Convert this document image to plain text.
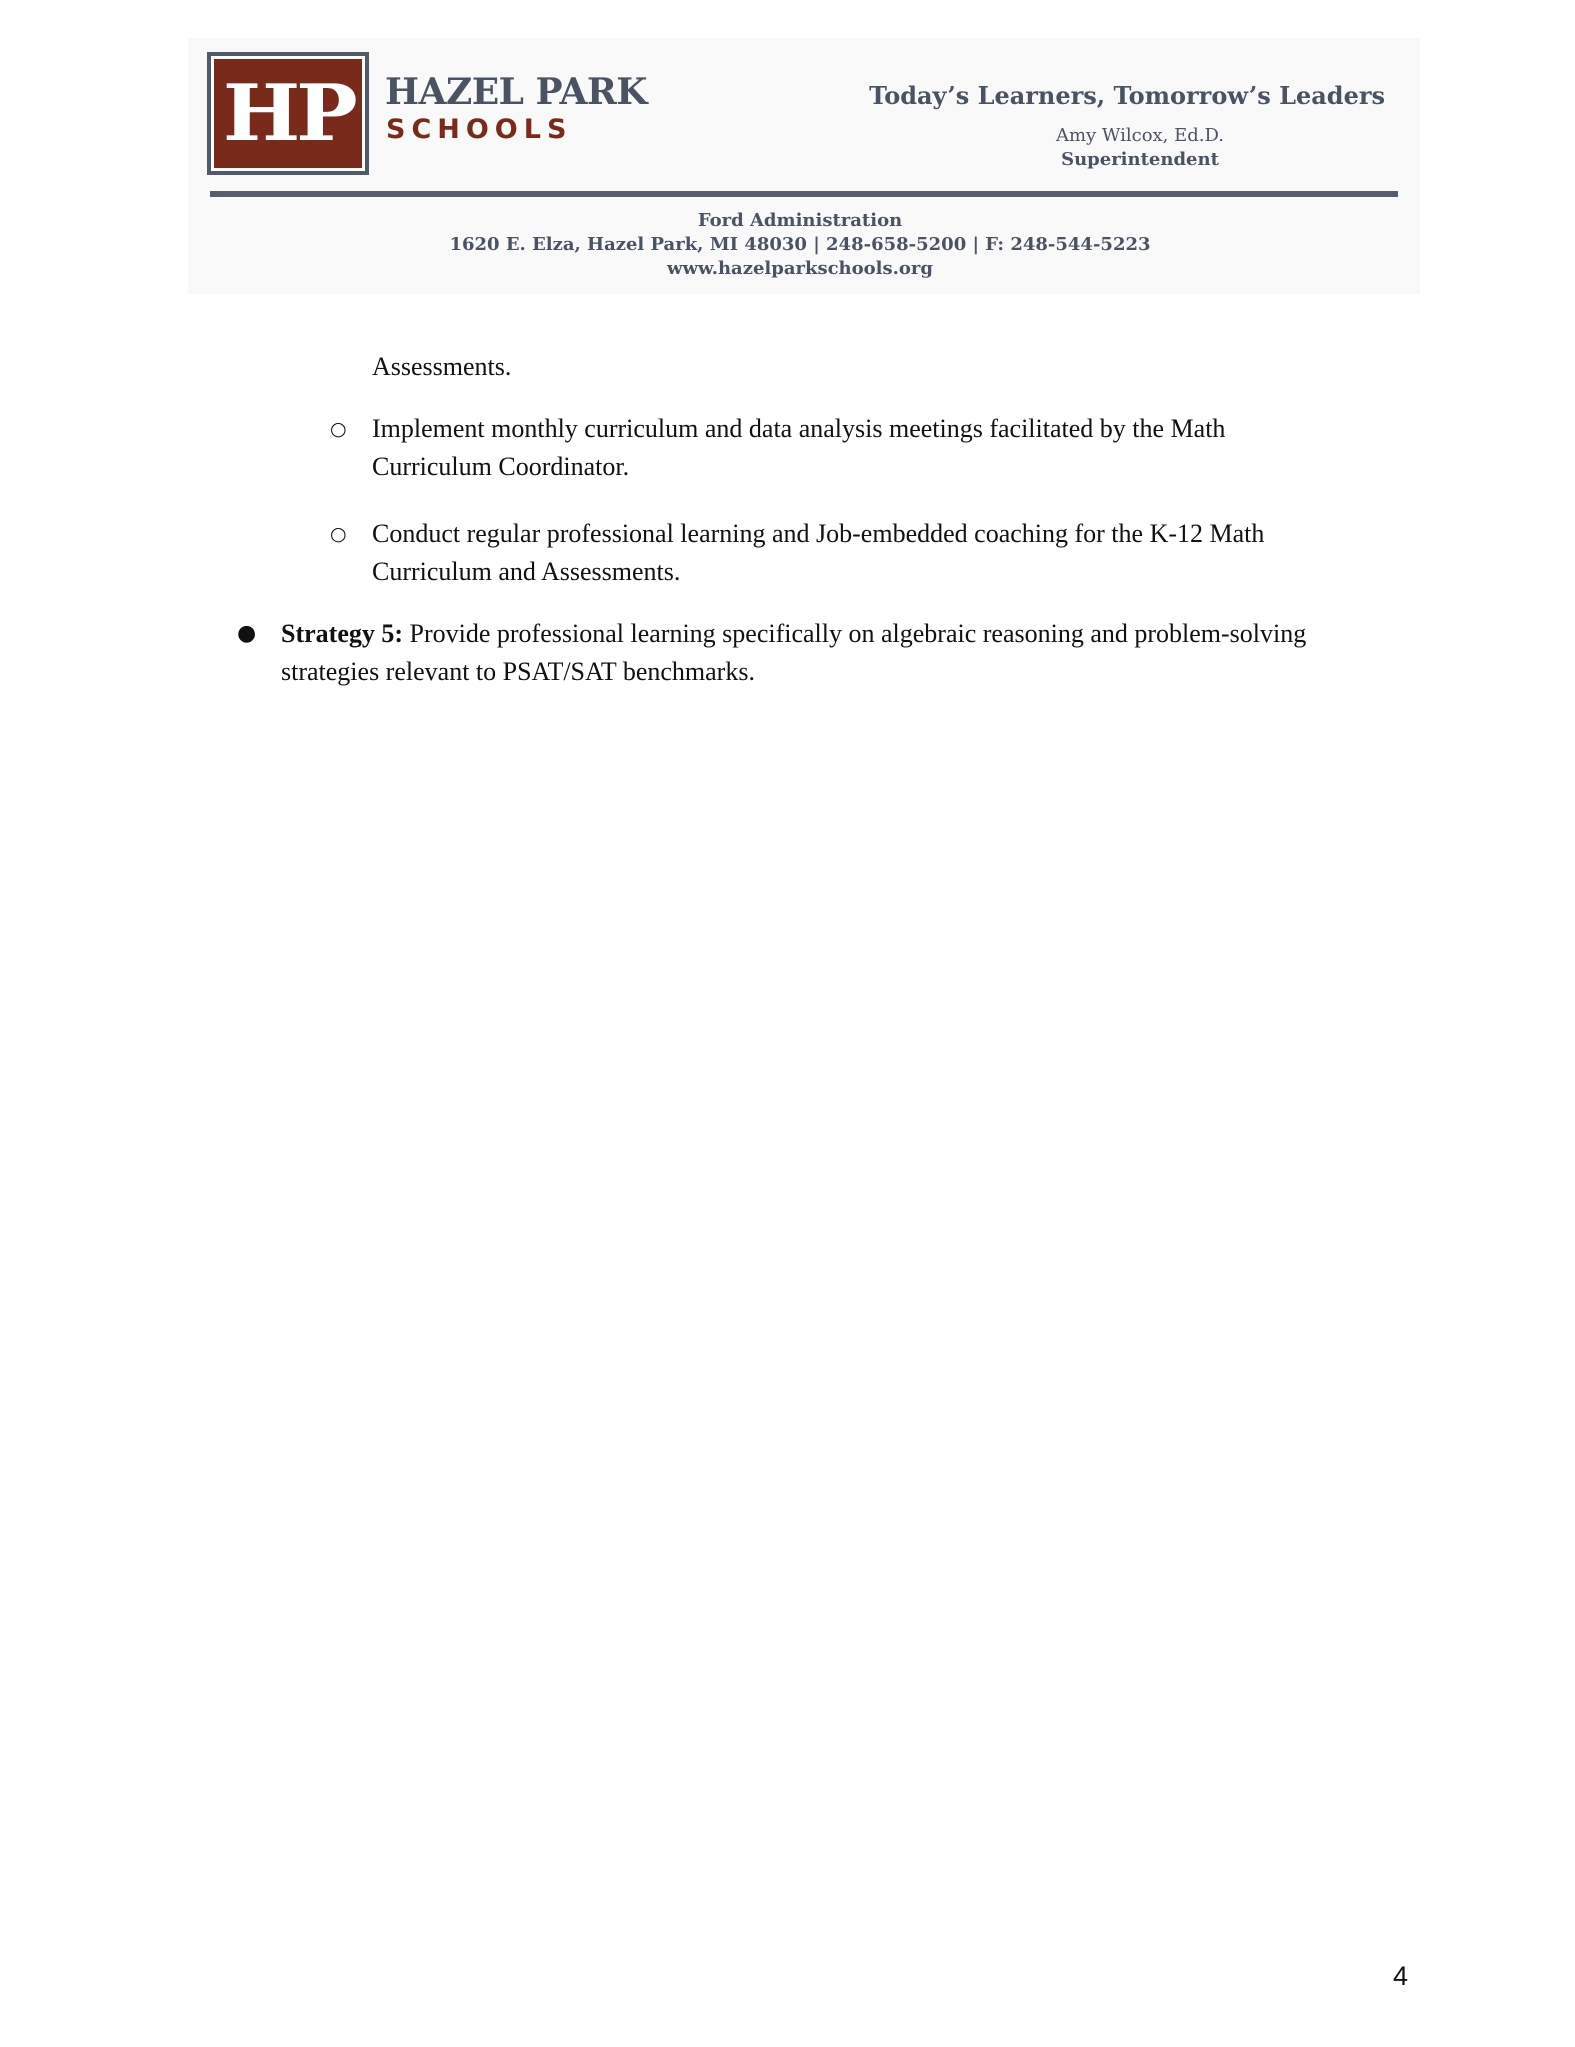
HP HAZEL PARK
SCHOOLS
Today’s Learners, Tomorrow’s Leaders
Amy Wilcox, Ed.D.
Superintendent
Ford Administration
1620 E. Elza, Hazel Park, MI 48030 | 248-658-5200 | F: 248-544-5223
www.hazelparkschools.org
Assessments.
○ Implement monthly curriculum and data analysis meetings facilitated by the Math
Curriculum Coordinator.
○ Conduct regular professional learning and Job-embedded coaching for the K-12 Math
Curriculum and Assessments.
● Strategy 5: Provide professional learning specifically on algebraic reasoning and problem-solving
strategies relevant to PSAT/SAT benchmarks.
4
